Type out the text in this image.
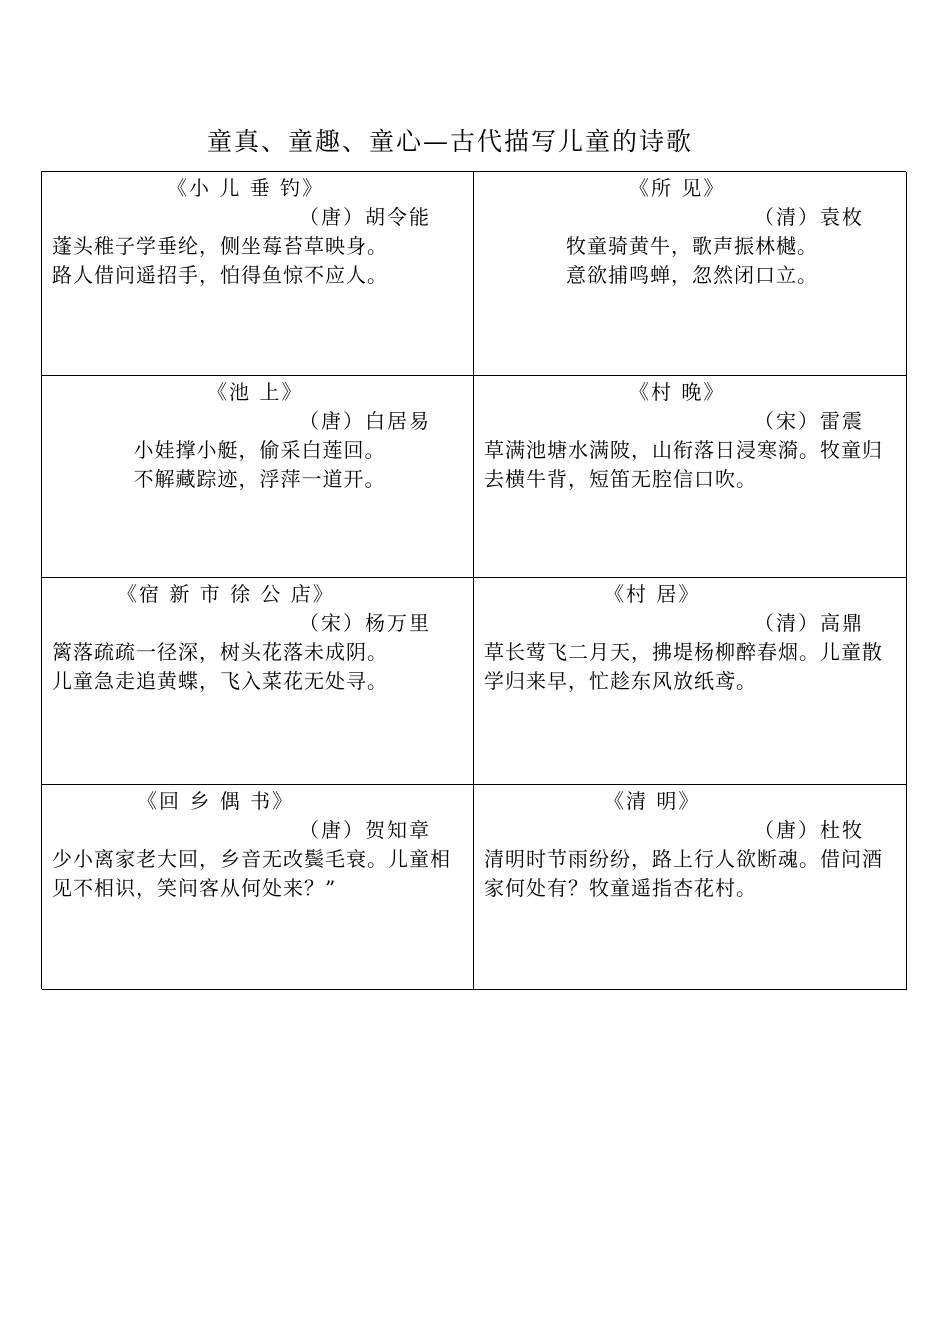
童真、童趣、童心—古代描写儿童的诗歌
《小 儿 垂 钓》
（唐）胡令能
蓬头稚子学垂纶，侧坐莓苔草映身。
路人借问遥招手，怕得鱼惊不应人。
《所 见》
（清）袁枚
牧童骑黄牛，歌声振林樾。
意欲捕鸣蝉，忽然闭口立。
《池 上》
（唐）白居易
小娃撑小艇，偷采白莲回。
不解藏踪迹，浮萍一道开。
《村 晚》
（宋）雷震
草满池塘水满陂，山衔落日浸寒漪。牧童归去横牛背，短笛无腔信口吹。
《宿 新 市 徐 公 店》
（宋）杨万里
篱落疏疏一径深，树头花落未成阴。
儿童急走追黄蝶，飞入菜花无处寻。
《村 居》
（清）高鼎
草长莺飞二月天，拂堤杨柳醉春烟。儿童散学归来早，忙趁东风放纸鸢。
《回 乡 偶 书》
（唐）贺知章
少小离家老大回，乡音无改鬓毛衰。儿童相见不相识，笑问客从何处来？”
《清 明》
（唐）杜牧
清明时节雨纷纷，路上行人欲断魂。借问酒家何处有？牧童遥指杏花村。
